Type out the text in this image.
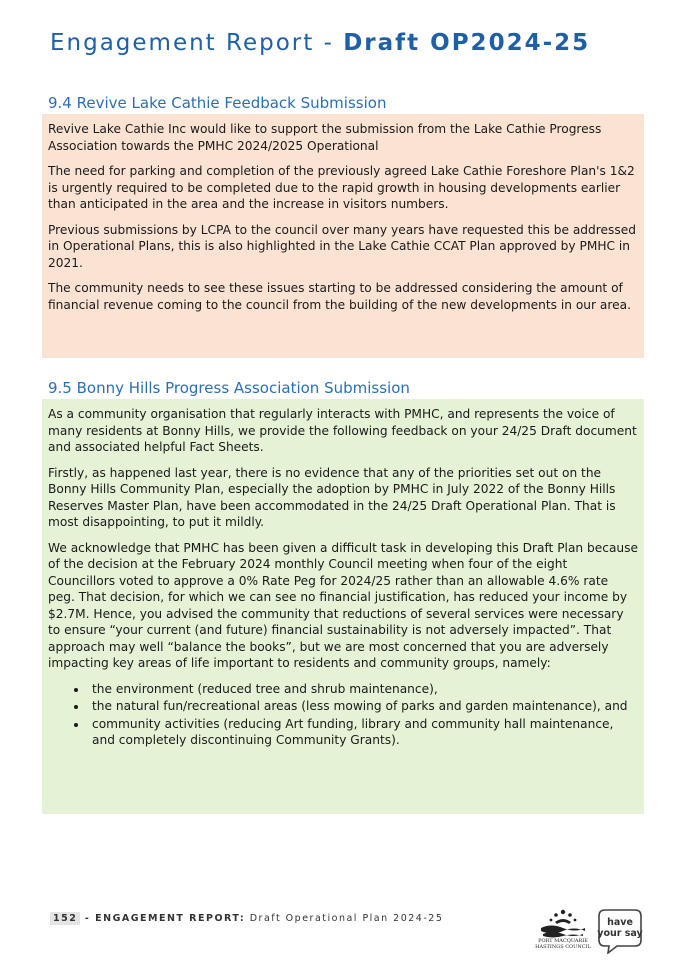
Engagement Report - Draft OP2024-25
9.4 Revive Lake Cathie Feedback Submission

Revive Lake Cathie Inc would like to support the submission from the Lake Cathie Progress Association towards the PMHC 2024/2025 Operational

The need for parking and completion of the previously agreed Lake Cathie Foreshore Plan's 1&2 is urgently required to be completed due to the rapid growth in housing developments earlier than anticipated in the area and the increase in visitors numbers.

Previous submissions by LCPA to the council over many years have requested this be addressed in Operational Plans, this is also highlighted in the Lake Cathie CCAT Plan approved by PMHC in 2021.

The community needs to see these issues starting to be addressed considering the amount of financial revenue coming to the council from the building of the new developments in our area.

9.5 Bonny Hills Progress Association Submission

As a community organisation that regularly interacts with PMHC, and represents the voice of many residents at Bonny Hills, we provide the following feedback on your 24/25 Draft document and associated helpful Fact Sheets.

Firstly, as happened last year, there is no evidence that any of the priorities set out on the Bonny Hills Community Plan, especially the adoption by PMHC in July 2022 of the Bonny Hills Reserves Master Plan, have been accommodated in the 24/25 Draft Operational Plan. That is most disappointing, to put it mildly.

We acknowledge that PMHC has been given a difficult task in developing this Draft Plan because of the decision at the February 2024 monthly Council meeting when four of the eight Councillors voted to approve a 0% Rate Peg for 2024/25 rather than an allowable 4.6% rate peg. That decision, for which we can see no financial justification, has reduced your income by $2.7M. Hence, you advised the community that reductions of several services were necessary to ensure “your current (and future) financial sustainability is not adversely impacted”. That approach may well “balance the books”, but we are most concerned that you are adversely impacting key areas of life important to residents and community groups, namely:

• the environment (reduced tree and shrub maintenance),
• the natural fun/recreational areas (less mowing of parks and garden maintenance), and
• community activities (reducing Art funding, library and community hall maintenance, and completely discontinuing Community Grants).
152 - ENGAGEMENT REPORT: Draft Operational Plan 2024-25
PORT MACQUARIE
HASTINGS COUNCIL
have
your say
